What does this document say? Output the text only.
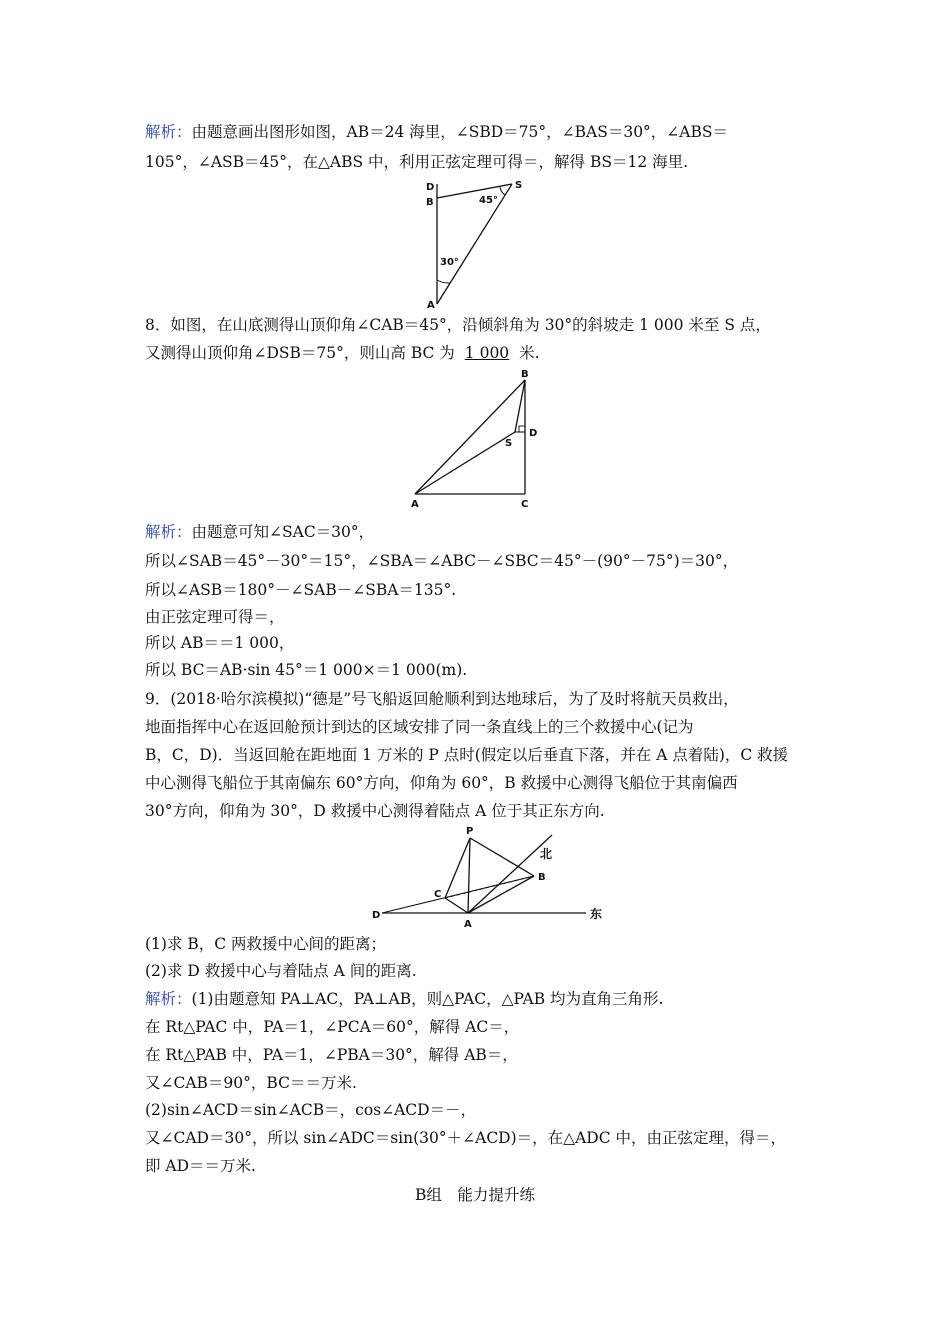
解析：由题意画出图形如图，AB＝24 海里，∠SBD＝75°，∠BAS＝30°，∠ABS＝
105°，∠ASB＝45°，在△ABS 中，利用正弦定理可得＝，解得 BS＝12 海里.
D
B
S
A
45°
30°
8．如图，在山底测得山顶仰角∠CAB＝45°，沿倾斜角为 30°的斜坡走 1 000 米至 S 点，
又测得山顶仰角∠DSB＝75°，则山高 BC 为 1 000 米.
B
S
D
A	C
解析：由题意可知∠SAC＝30°，
所以∠SAB＝45°－30°＝15°，∠SBA＝∠ABC－∠SBC＝45°－(90°－75°)＝30°，
所以∠ASB＝180°－∠SAB－∠SBA＝135°.
由正弦定理可得＝，
所以 AB＝＝1 000，
所以 BC＝AB·sin 45°＝1 000×＝1 000(m).
9．(2018·哈尔滨模拟)“德是”号飞船返回舱顺利到达地球后，为了及时将航天员救出，
地面指挥中心在返回舱预计到达的区域安排了同一条直线上的三个救援中心(记为
B，C，D)．当返回舱在距地面 1 万米的 P 点时(假定以后垂直下落，并在 A 点着陆)，C 救援
中心测得飞船位于其南偏东 60°方向，仰角为 60°，B 救援中心测得飞船位于其南偏西
30°方向，仰角为 30°，D 救援中心测得着陆点 A 位于其正东方向.
P
北
B
C
D
A
东
(1)求 B，C 两救援中心间的距离；
(2)求 D 救援中心与着陆点 A 间的距离.
解析：(1)由题意知 PA⊥AC，PA⊥AB，则△PAC，△PAB 均为直角三角形.
在 Rt△PAC 中，PA＝1，∠PCA＝60°，解得 AC＝，
在 Rt△PAB 中，PA＝1，∠PBA＝30°，解得 AB＝，
又∠CAB＝90°，BC＝＝万米.
(2)sin∠ACD＝sin∠ACB＝，cos∠ACD＝－，
又∠CAD＝30°，所以 sin∠ADC＝sin(30°＋∠ACD)＝，在△ADC 中，由正弦定理，得＝，
即 AD＝＝万米.
B组　能力提升练
